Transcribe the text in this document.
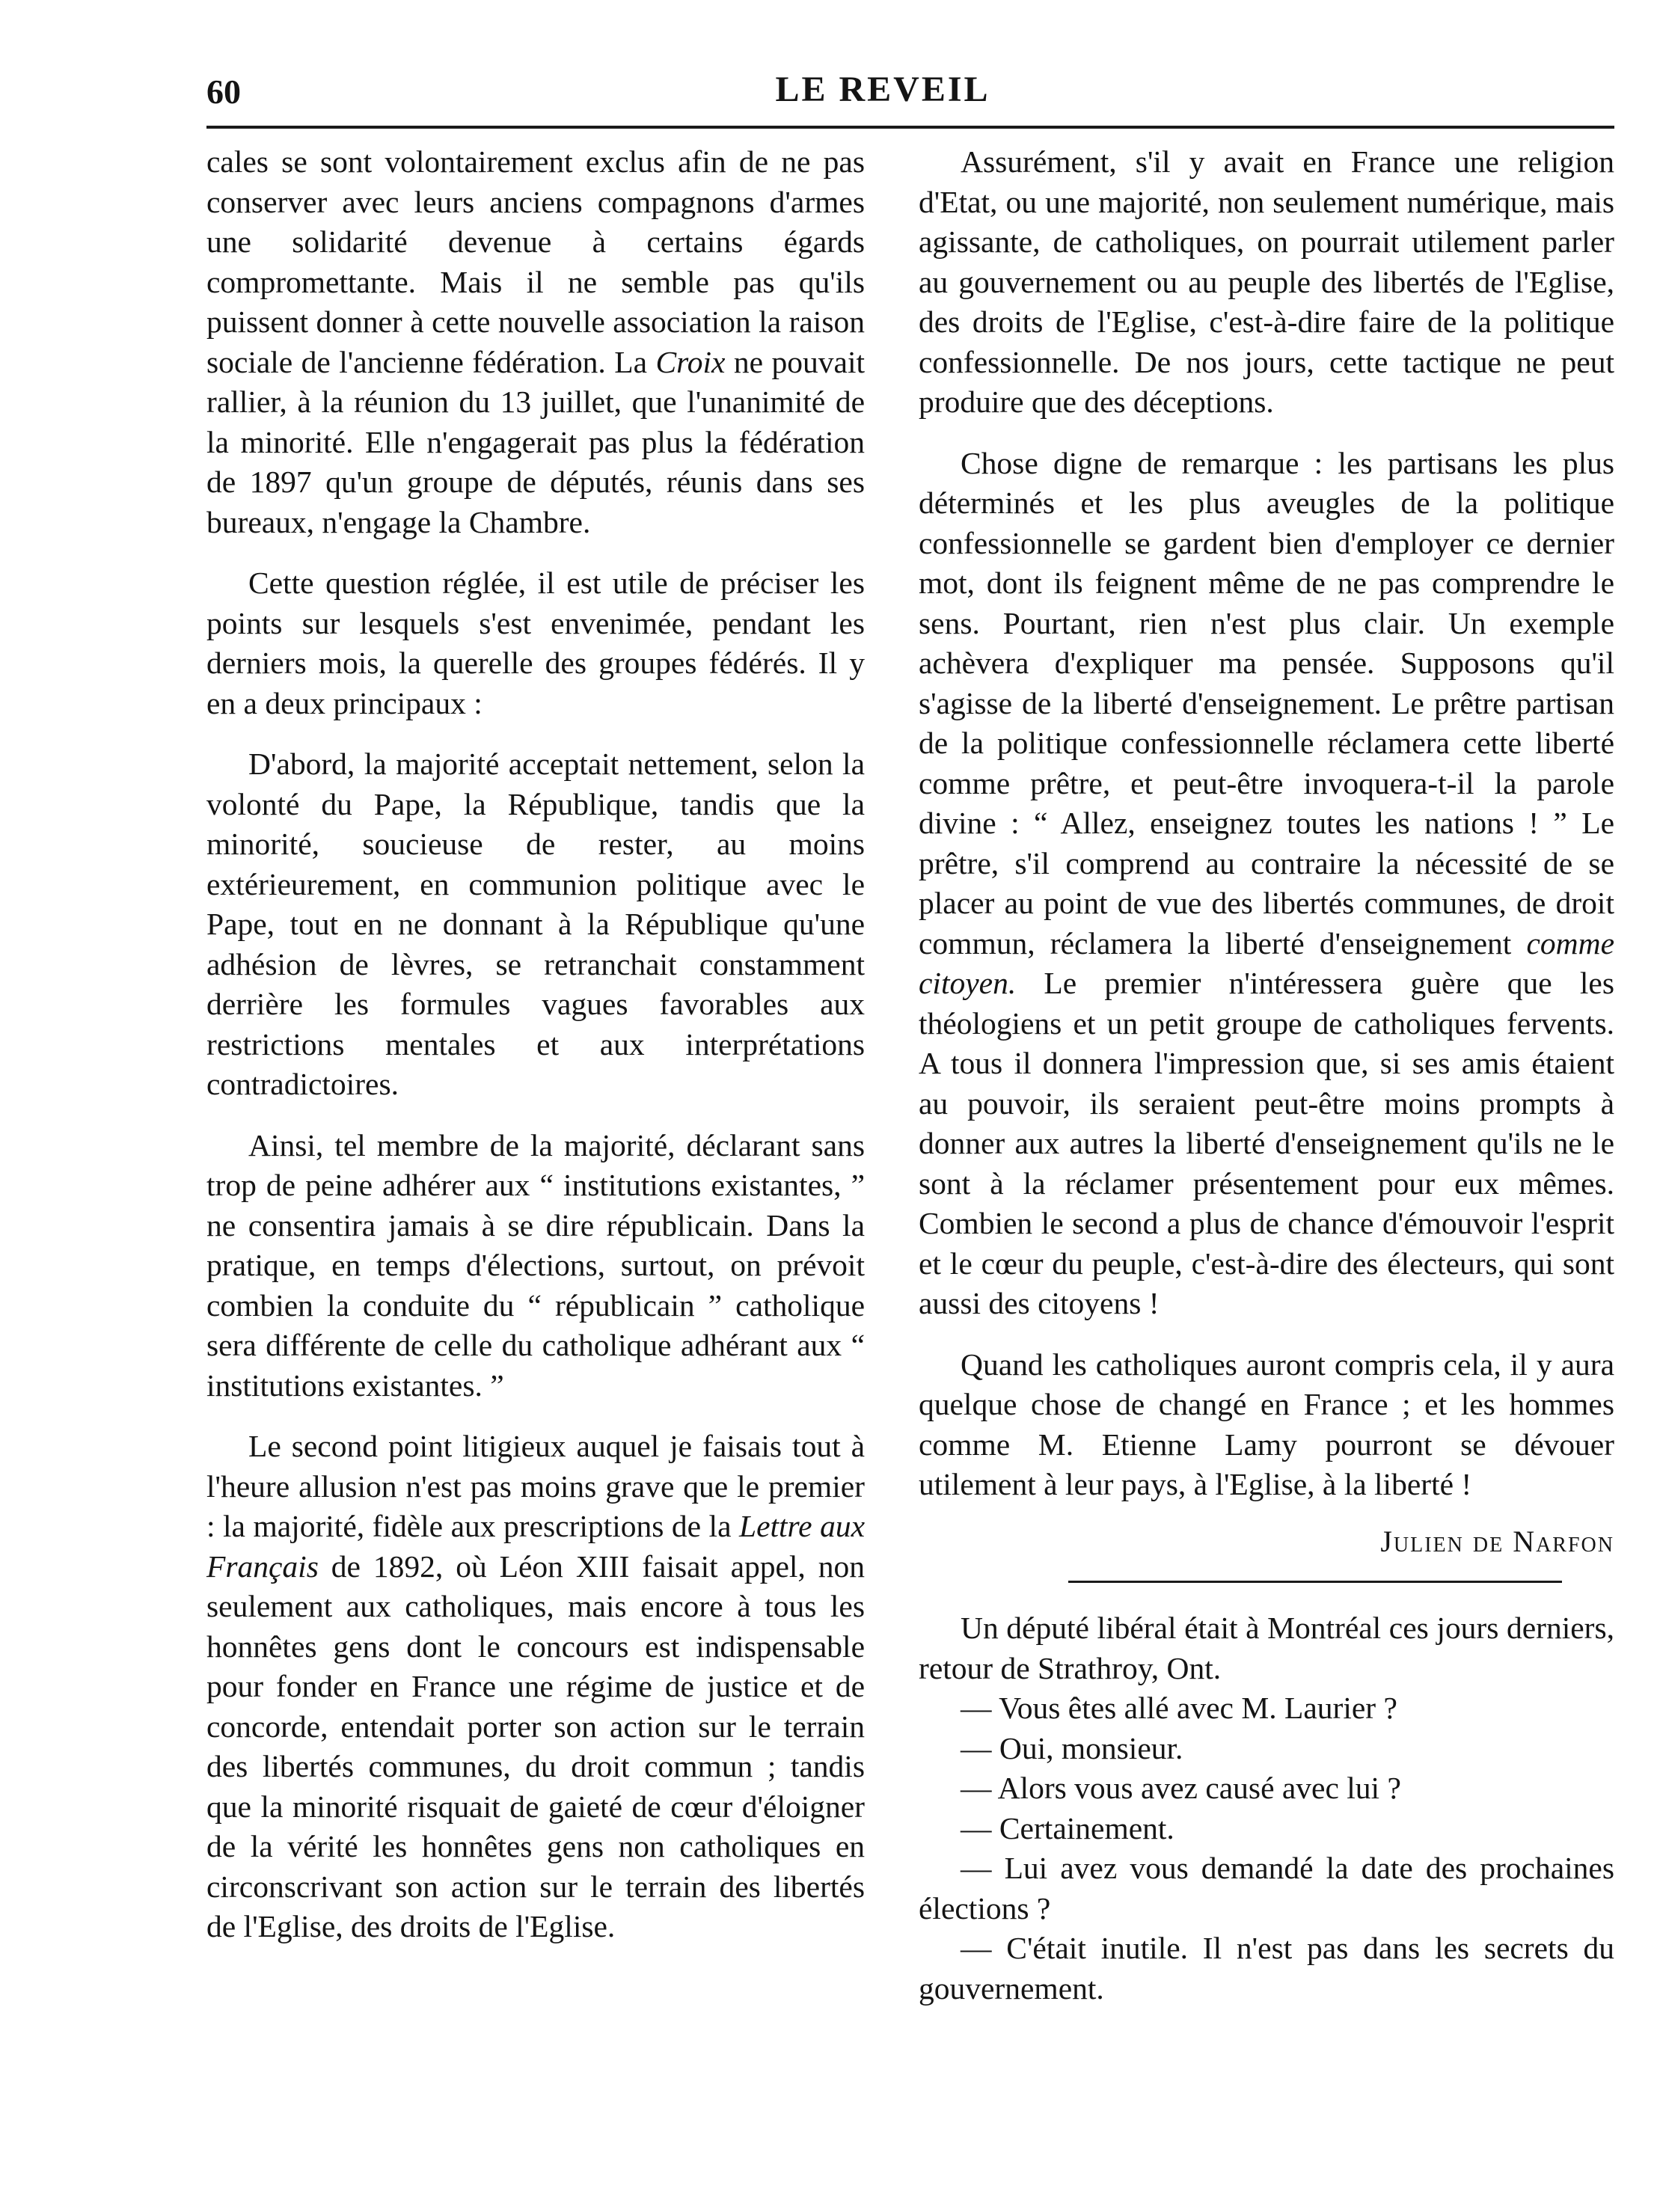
60	LE REVEIL

cales se sont volontairement exclus afin de ne pas conserver avec leurs anciens compagnons d'armes une solidarité devenue à certains égards compromettante. Mais il ne semble pas qu'ils puissent donner à cette nouvelle association la raison sociale de l'ancienne fédération. La Croix ne pouvait rallier, à la réunion du 13 juillet, que l'unanimité de la minorité. Elle n'engagerait pas plus la fédération de 1897 qu'un groupe de députés, réunis dans ses bureaux, n'engage la Chambre.

Cette question réglée, il est utile de préciser les points sur lesquels s'est envenimée, pendant les derniers mois, la querelle des groupes fédérés. Il y en a deux principaux :

D'abord, la majorité acceptait nettement, selon la volonté du Pape, la République, tandis que la minorité, soucieuse de rester, au moins extérieurement, en communion politique avec le Pape, tout en ne donnant à la République qu'une adhésion de lèvres, se retranchait constamment derrière les formules vagues favorables aux restrictions mentales et aux interprétations contradictoires.

Ainsi, tel membre de la majorité, déclarant sans trop de peine adhérer aux “ institutions existantes, ” ne consentira jamais à se dire républicain. Dans la pratique, en temps d'élections, surtout, on prévoit combien la conduite du “ républicain ” catholique sera différente de celle du catholique adhérant aux “ institutions existantes. ”

Le second point litigieux auquel je faisais tout à l'heure allusion n'est pas moins grave que le premier : la majorité, fidèle aux prescriptions de la Lettre aux Français de 1892, où Léon XIII faisait appel, non seulement aux catholiques, mais encore à tous les honnêtes gens dont le concours est indispensable pour fonder en France une régime de justice et de concorde, entendait porter son action sur le terrain des libertés communes, du droit commun ; tandis que la minorité risquait de gaieté de cœur d'éloigner de la vérité les honnêtes gens non catholiques en circonscrivant son action sur le terrain des libertés de l'Eglise, des droits de l'Eglise.

Assurément, s'il y avait en France une religion d'Etat, ou une majorité, non seulement numérique, mais agissante, de catholiques, on pourrait utilement parler au gouvernement ou au peuple des libertés de l'Eglise, des droits de l'Eglise, c'est-à-dire faire de la politique confessionnelle. De nos jours, cette tactique ne peut produire que des déceptions.

Chose digne de remarque : les partisans les plus déterminés et les plus aveugles de la politique confessionnelle se gardent bien d'employer ce dernier mot, dont ils feignent même de ne pas comprendre le sens. Pourtant, rien n'est plus clair. Un exemple achèvera d'expliquer ma pensée. Supposons qu'il s'agisse de la liberté d'enseignement. Le prêtre partisan de la politique confessionnelle réclamera cette liberté comme prêtre, et peut-être invoquera-t-il la parole divine : “ Allez, enseignez toutes les nations ! ” Le prêtre, s'il comprend au contraire la nécessité de se placer au point de vue des libertés communes, de droit commun, réclamera la liberté d'enseignement comme citoyen. Le premier n'intéressera guère que les théologiens et un petit groupe de catholiques fervents. A tous il donnera l'impression que, si ses amis étaient au pouvoir, ils seraient peut-être moins prompts à donner aux autres la liberté d'enseignement qu'ils ne le sont à la réclamer présentement pour eux mêmes. Combien le second a plus de chance d'émouvoir l'esprit et le cœur du peuple, c'est-à-dire des électeurs, qui sont aussi des citoyens !

Quand les catholiques auront compris cela, il y aura quelque chose de changé en France ; et les hommes comme M. Etienne Lamy pourront se dévouer utilement à leur pays, à l'Eglise, à la liberté !

Julien de Narfon

Un député libéral était à Montréal ces jours derniers, retour de Strathroy, Ont.

— Vous êtes allé avec M. Laurier ?

— Oui, monsieur.

— Alors vous avez causé avec lui ?

— Certainement.

— Lui avez vous demandé la date des prochaines élections ?

— C'était inutile. Il n'est pas dans les secrets du gouvernement.
